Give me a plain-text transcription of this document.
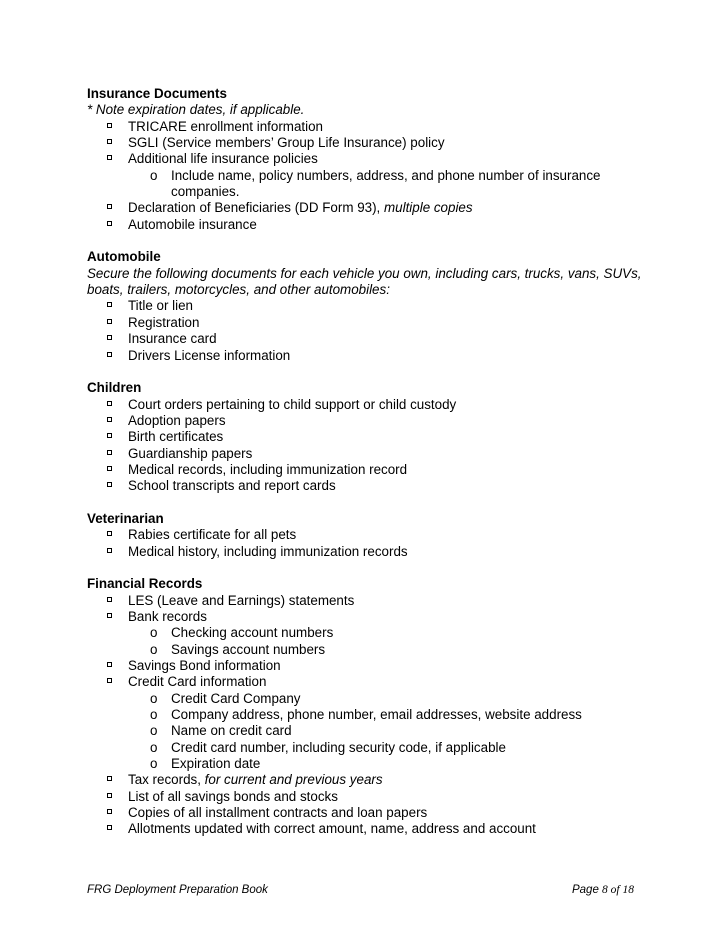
Insurance Documents
* Note expiration dates, if applicable.
TRICARE enrollment information
SGLI (Service members’ Group Life Insurance) policy
Additional life insurance policies
o Include name, policy numbers, address, and phone number of insurance companies.
Declaration of Beneficiaries (DD Form 93), multiple copies
Automobile insurance
Automobile
Secure the following documents for each vehicle you own, including cars, trucks, vans, SUVs, boats, trailers, motorcycles, and other automobiles:
Title or lien
Registration
Insurance card
Drivers License information
Children
Court orders pertaining to child support or child custody
Adoption papers
Birth certificates
Guardianship papers
Medical records, including immunization record
School transcripts and report cards
Veterinarian
Rabies certificate for all pets
Medical history, including immunization records
Financial Records
LES (Leave and Earnings) statements
Bank records
o Checking account numbers
o Savings account numbers
Savings Bond information
Credit Card information
o Credit Card Company
o Company address, phone number, email addresses, website address
o Name on credit card
o Credit card number, including security code, if applicable
o Expiration date
Tax records, for current and previous years
List of all savings bonds and stocks
Copies of all installment contracts and loan papers
Allotments updated with correct amount, name, address and account
FRG Deployment Preparation Book	Page 8 of 18
